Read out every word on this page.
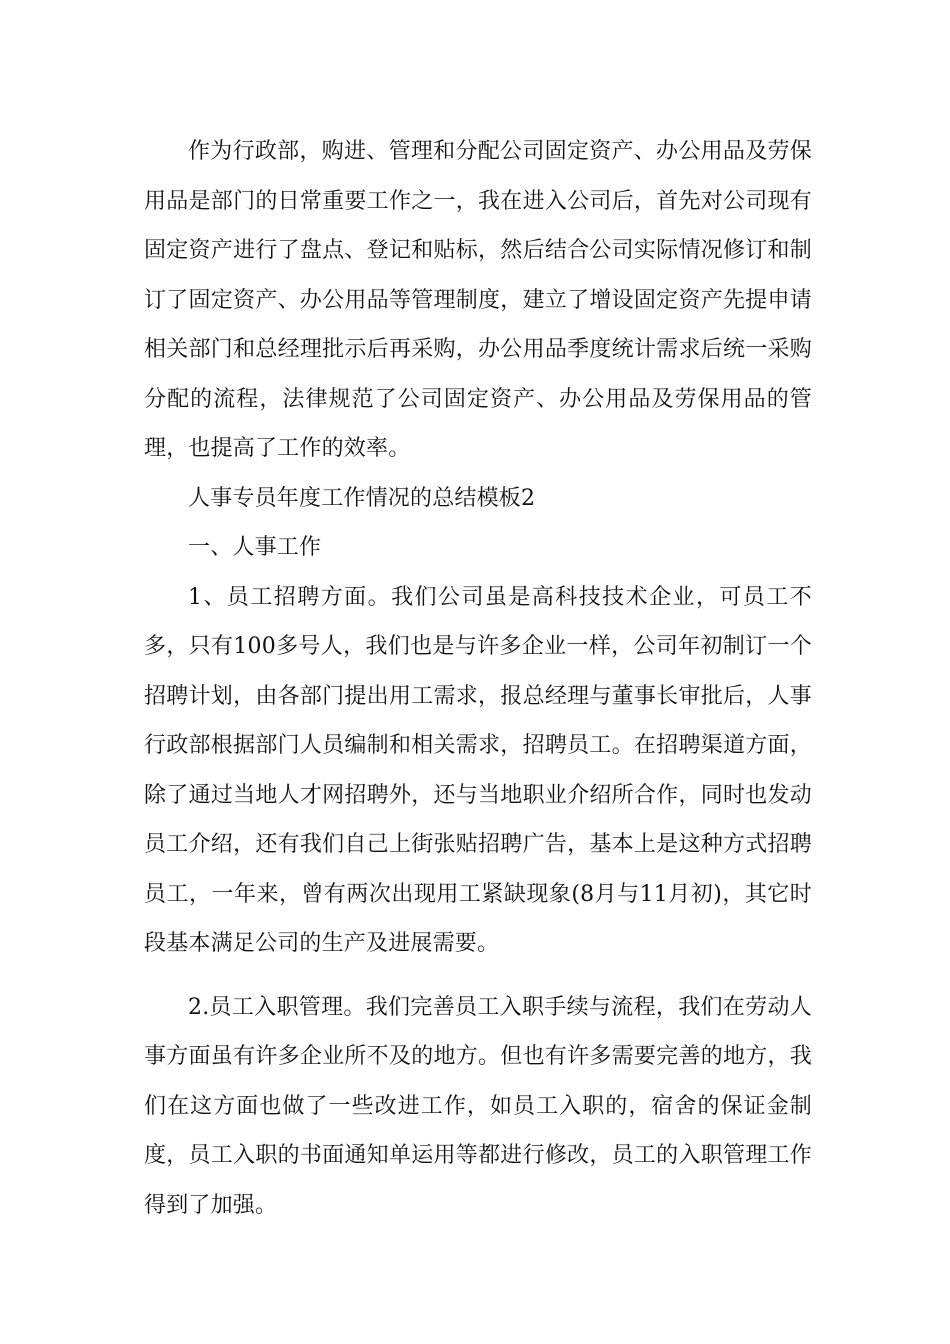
作为行政部，购进、管理和分配公司固定资产、办公用品及劳保用品是部门的日常重要工作之一，我在进入公司后，首先对公司现有固定资产进行了盘点、登记和贴标，然后结合公司实际情况修订和制订了固定资产、办公用品等管理制度，建立了增设固定资产先提申请相关部门和总经理批示后再采购，办公用品季度统计需求后统一采购分配的流程，法律规范了公司固定资产、办公用品及劳保用品的管理，也提高了工作的效率。

人事专员年度工作情况的总结模板2

一、人事工作

1、员工招聘方面。我们公司虽是高科技技术企业，可员工不多，只有100多号人，我们也是与许多企业一样，公司年初制订一个招聘计划，由各部门提出用工需求，报总经理与董事长审批后，人事行政部根据部门人员编制和相关需求，招聘员工。在招聘渠道方面，除了通过当地人才网招聘外，还与当地职业介绍所合作，同时也发动员工介绍，还有我们自己上街张贴招聘广告，基本上是这种方式招聘员工，一年来，曾有两次出现用工紧缺现象(8月与11月初)，其它时段基本满足公司的生产及进展需要。

2.员工入职管理。我们完善员工入职手续与流程，我们在劳动人事方面虽有许多企业所不及的地方。但也有许多需要完善的地方，我们在这方面也做了一些改进工作，如员工入职的，宿舍的保证金制度，员工入职的书面通知单运用等都进行修改，员工的入职管理工作得到了加强。
